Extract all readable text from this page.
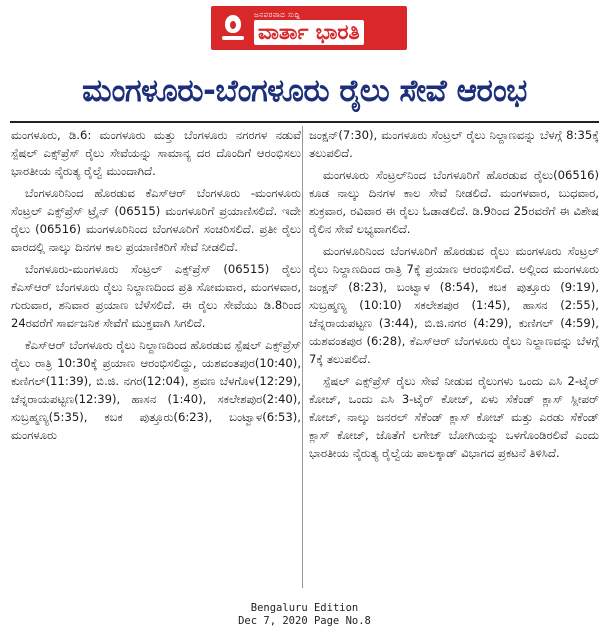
ಜನಪರವಾದ ಸುದ್ದಿ
ವಾರ್ತಾ ಭಾರತಿ
ಮಂಗಳೂರು-ಬೆಂಗಳೂರು ರೈಲು ಸೇವೆ ಆರಂಭ

ಮಂಗಳೂರು, ಡಿ.6: ಮಂಗಳೂರು ಮತ್ತು ಬೆಂಗಳೂರು ನಗರಗಳ ನಡುವೆ ಸ್ಪೆಷಲ್ ಎಕ್ಸ್‌ಪ್ರೆಸ್ ರೈಲು ಸೇವೆಯನ್ನು ಸಾಮಾನ್ಯ ದರ ದೊಂದಿಗೆ ಆರಂಭಿಸಲು ಭಾರತೀಯ ನೈರುತ್ಯ ರೈಲ್ವೆ ಮುಂದಾಗಿದೆ.

ಬೆಂಗಳೂರಿನಿಂದ ಹೊರಡುವ ಕೆಎಸ್ಆರ್ ಬೆಂಗಳೂರು -ಮಂಗಳೂರು ಸೆಂಟ್ರಲ್ ಎಕ್ಸ್‌ಪ್ರೆಸ್ ಟ್ರೈನ್ (06515) ಮಂಗಳೂರಿಗೆ ಪ್ರಯಾಣಿಸಲಿದೆ. ಇದೇ ರೈಲು (06516) ಮಂಗಳೂರಿನಿಂದ ಬೆಂಗಳೂರಿಗೆ ಸಂಚರಿಸಲಿದೆ. ಪ್ರತೀ ರೈಲು ವಾರದಲ್ಲಿ ನಾಲ್ಕು ದಿನಗಳ ಕಾಲ ಪ್ರಯಾಣಿಕರಿಗೆ ಸೇವೆ ನೀಡಲಿದೆ.

ಬೆಂಗಳೂರು-ಮಂಗಳೂರು ಸೆಂಟ್ರಲ್ ಎಕ್ಸ್‌ಪ್ರೆಸ್ (06515) ರೈಲು ಕೆಎಸ್ಆರ್ ಬೆಂಗಳೂರು ರೈಲು ನಿಲ್ದಾಣದಿಂದ ಪ್ರತಿ ಸೋಮವಾರ, ಮಂಗಳವಾರ, ಗುರುವಾರ, ಶನಿವಾರ ಪ್ರಯಾಣ ಬೆಳೆಸಲಿದೆ. ಈ ರೈಲು ಸೇವೆಯು ಡಿ.8ರಿಂದ 24ರವರೆಗೆ ಸಾರ್ವಜನಿಕ ಸೇವೆಗೆ ಮುಕ್ತವಾಗಿ ಸಿಗಲಿದೆ.

ಕೆಎಸ್ಆರ್ ಬೆಂಗಳೂರು ರೈಲು ನಿಲ್ದಾಣದಿಂದ ಹೊರಡುವ ಸ್ಪೆಷಲ್ ಎಕ್ಸ್‌ಪ್ರೆಸ್ ರೈಲು ರಾತ್ರಿ 10:30ಕ್ಕೆ ಪ್ರಯಾಣ ಆರಂಭಿಸಲಿದ್ದು, ಯಶವಂತಪುರ(10:40), ಕುಣಿಗಲ್(11:39), ಬಿ.ಜಿ. ನಗರ(12:04), ಶ್ರವಣ ಬೆಳಗೊಳ(12:29), ಚೆನ್ನರಾಯಪಟ್ಟಣ(12:39), ಹಾಸನ (1:40), ಸಕಲೇಶಪುರ(2:40), ಸುಬ್ರಹ್ಮಣ್ಯ(5:35), ಕಬಕ ಪುತ್ತೂರು(6:23), ಬಂಟ್ವಾಳ(6:53), ಮಂಗಳೂರು

ಜಂಕ್ಷನ್(7:30), ಮಂಗಳೂರು ಸೆಂಟ್ರಲ್ ರೈಲು ನಿಲ್ದಾಣವನ್ನು ಬೆಳಗ್ಗೆ 8:35ಕ್ಕೆ ತಲುಪಲಿದೆ.

ಮಂಗಳೂರು ಸೆಂಟ್ರಲ್‌ನಿಂದ ಬೆಂಗಳೂರಿಗೆ ಹೊರಡುವ ರೈಲು(06516) ಕೂಡ ನಾಲ್ಕು ದಿನಗಳ ಕಾಲ ಸೇವೆ ನೀಡಲಿದೆ. ಮಂಗಳವಾರ, ಬುಧವಾರ, ಶುಕ್ರವಾರ, ರವಿವಾರ ಈ ರೈಲು ಓಡಾಡಲಿದೆ. ಡಿ.9ರಿಂದ 25ರವರೆಗೆ ಈ ವಿಶೇಷ ರೈಲಿನ ಸೇವೆ ಲಭ್ಯವಾಗಲಿದೆ.

ಮಂಗಳೂರಿನಿಂದ ಬೆಂಗಳೂರಿಗೆ ಹೊರಡುವ ರೈಲು ಮಂಗಳೂರು ಸೆಂಟ್ರಲ್ ರೈಲು ನಿಲ್ದಾಣದಿಂದ ರಾತ್ರಿ 7ಕ್ಕೆ ಪ್ರಯಾಣ ಆರಂಭಿಸಲಿದೆ. ಅಲ್ಲಿಂದ ಮಂಗಳೂರು ಜಂಕ್ಷನ್ (8:23), ಬಂಟ್ವಾಳ (8:54), ಕಬಕ ಪುತ್ತೂರು (9:19), ಸುಬ್ರಹ್ಮಣ್ಯ (10:10) ಸಕಲೇಶಪುರ (1:45), ಹಾಸನ (2:55), ಚೆನ್ನರಾಯಪಟ್ಟಣ (3:44), ಬಿ.ಜಿ.ನಗರ (4:29), ಕುಣಿಗಲ್ (4:59), ಯಶವಂತಪುರ (6:28), ಕೆಎಸ್ಆರ್ ಬೆಂಗಳೂರು ರೈಲು ನಿಲ್ದಾಣವನ್ನು ಬೆಳಗ್ಗೆ 7ಕ್ಕೆ ತಲುಪಲಿದೆ.

ಸ್ಪೆಷಲ್ ಎಕ್ಸ್‌ಪ್ರೆಸ್ ರೈಲು ಸೇವೆ ನೀಡುವ ರೈಲುಗಳು ಒಂದು ಎಸಿ 2-ಟೈರ್ ಕೋಚ್, ಒಂದು ಎಸಿ 3-ಟೈರ್ ಕೋಚ್, ಏಳು ಸೆಕೆಂಡ್ ಕ್ಲಾಸ್ ಸ್ಲೀಪರ್ ಕೋಚ್, ನಾಲ್ಕು ಜನರಲ್ ಸೆಕೆಂಡ್ ಕ್ಲಾಸ್ ಕೋಚ್ ಮತ್ತು ಎರಡು ಸೆಕೆಂಡ್ ಕ್ಲಾಸ್ ಕೋಚ್, ಜೊತೆಗೆ ಲಗೇಜ್ ಬೋಗಿಯನ್ನು ಒಳಗೊಂಡಿರಲಿವೆ ಎಂದು ಭಾರತೀಯ ನೈರುತ್ಯ ರೈಲ್ವೆಯ ಪಾಲಕ್ಕಾಡ್ ವಿಭಾಗದ ಪ್ರಕಟನೆ ತಿಳಿಸಿದೆ.

Bengaluru Edition
Dec 7, 2020 Page No.8
